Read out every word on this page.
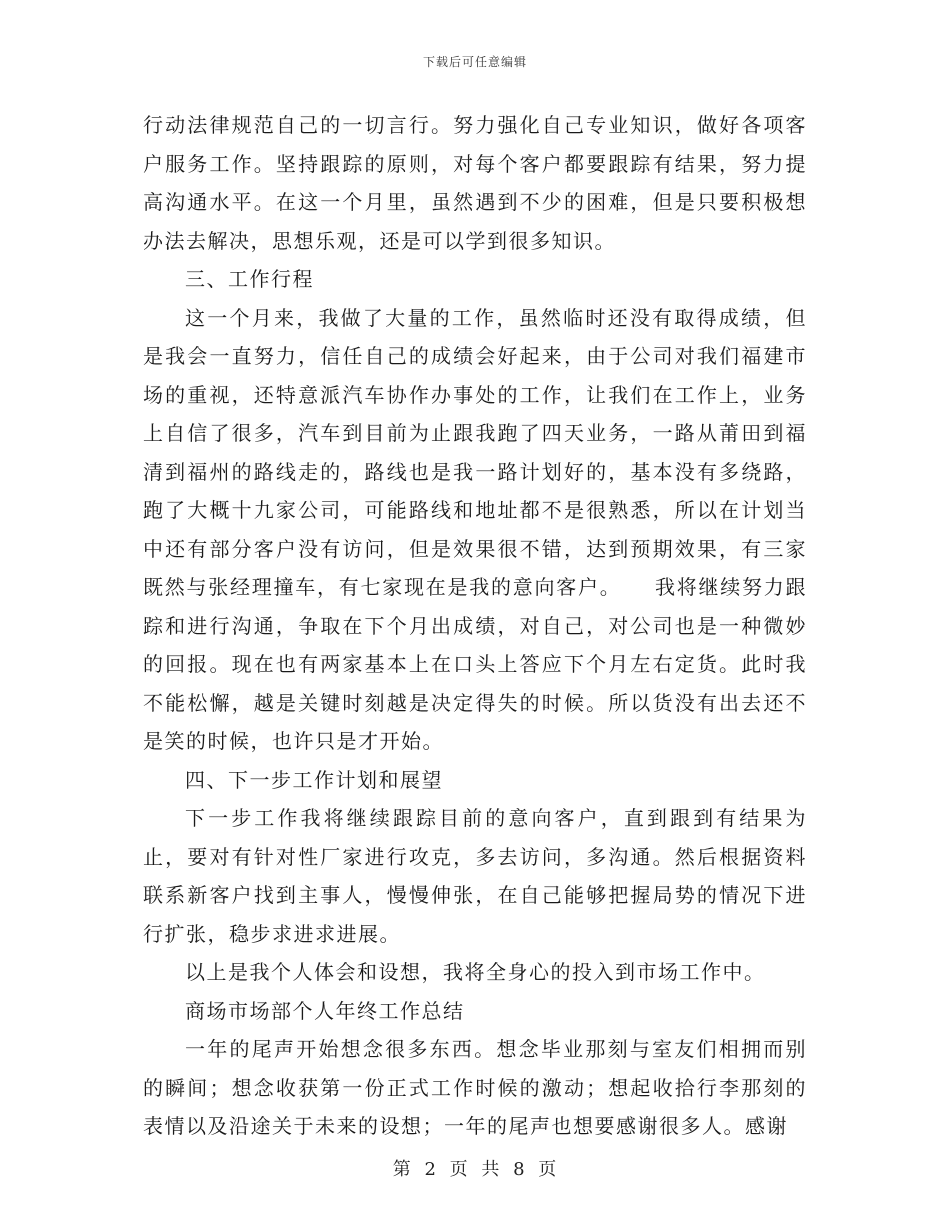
下载后可任意编辑

行动法律规范自己的一切言行。努力强化自己专业知识，做好各项客户服务工作。坚持跟踪的原则，对每个客户都要跟踪有结果，努力提高沟通水平。在这一个月里，虽然遇到不少的困难，但是只要积极想办法去解决，思想乐观，还是可以学到很多知识。

三、工作行程

这一个月来，我做了大量的工作，虽然临时还没有取得成绩，但是我会一直努力，信任自己的成绩会好起来，由于公司对我们福建市场的重视，还特意派汽车协作办事处的工作，让我们在工作上，业务上自信了很多，汽车到目前为止跟我跑了四天业务，一路从莆田到福清到福州的路线走的，路线也是我一路计划好的，基本没有多绕路，跑了大概十九家公司，可能路线和地址都不是很熟悉，所以在计划当中还有部分客户没有访问，但是效果很不错，达到预期效果，有三家既然与张经理撞车，有七家现在是我的意向客户。　　我将继续努力跟踪和进行沟通，争取在下个月出成绩，对自己，对公司也是一种微妙的回报。现在也有两家基本上在口头上答应下个月左右定货。此时我不能松懈，越是关键时刻越是决定得失的时候。所以货没有出去还不是笑的时候，也许只是才开始。

四、下一步工作计划和展望

下一步工作我将继续跟踪目前的意向客户，直到跟到有结果为止，要对有针对性厂家进行攻克，多去访问，多沟通。然后根据资料联系新客户找到主事人，慢慢伸张，在自己能够把握局势的情况下进行扩张，稳步求进求进展。

以上是我个人体会和设想，我将全身心的投入到市场工作中。

商场市场部个人年终工作总结

一年的尾声开始想念很多东西。想念毕业那刻与室友们相拥而别的瞬间；想念收获第一份正式工作时候的激动；想起收拾行李那刻的表情以及沿途关于未来的设想；一年的尾声也想要感谢很多人。感谢

第 2 页 共 8 页
